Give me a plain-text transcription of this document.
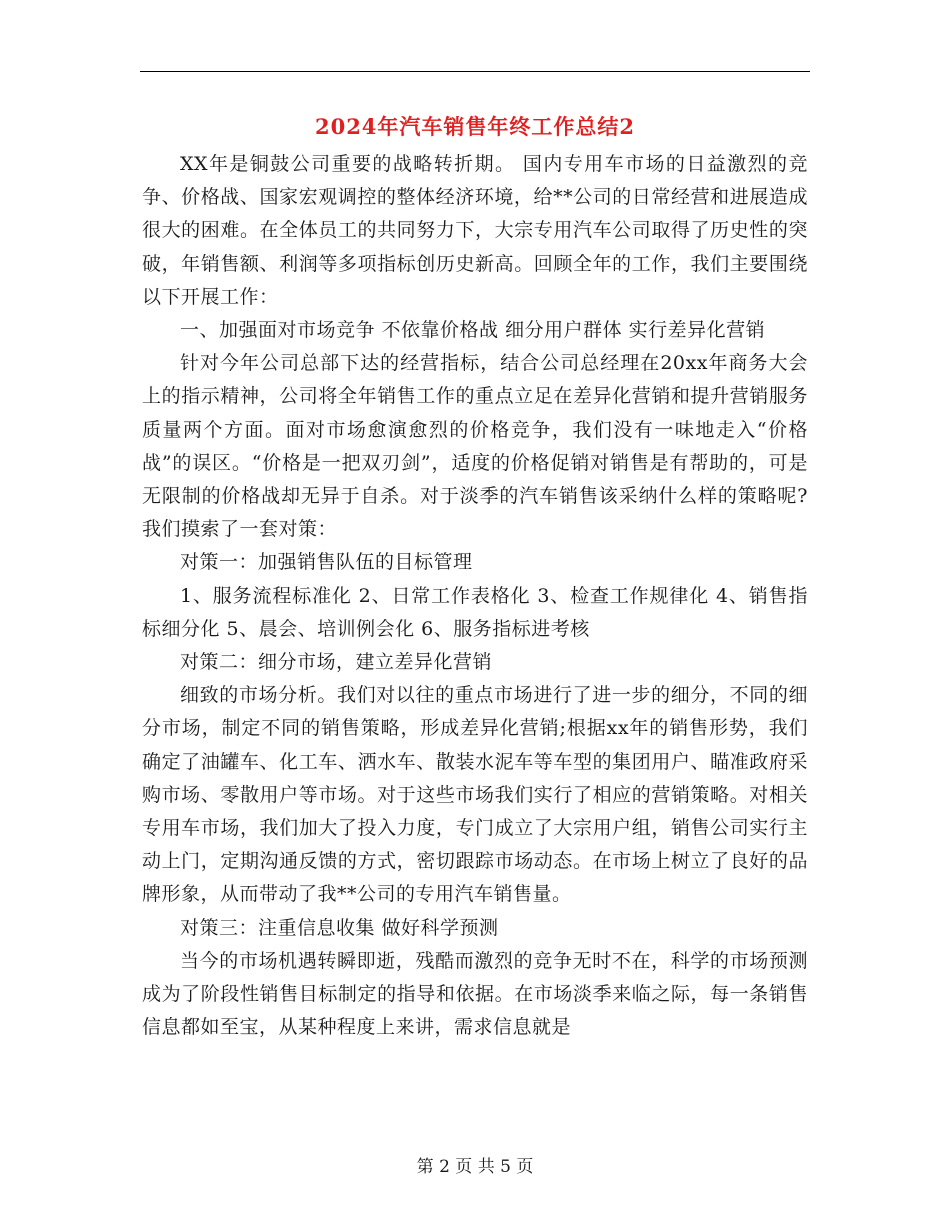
2024年汽车销售年终工作总结2

XX年是铜鼓公司重要的战略转折期。 国内专用车市场的日益激烈的竞争、价格战、国家宏观调控的整体经济环境，给**公司的日常经营和进展造成很大的困难。在全体员工的共同努力下，大宗专用汽车公司取得了历史性的突破，年销售额、利润等多项指标创历史新高。回顾全年的工作，我们主要围绕以下开展工作：

一、加强面对市场竞争 不依靠价格战 细分用户群体 实行差异化营销

针对今年公司总部下达的经营指标，结合公司总经理在20xx年商务大会上的指示精神，公司将全年销售工作的重点立足在差异化营销和提升营销服务质量两个方面。面对市场愈演愈烈的价格竞争，我们没有一味地走入“价格战”的误区。“价格是一把双刃剑”，适度的价格促销对销售是有帮助的，可是无限制的价格战却无异于自杀。对于淡季的汽车销售该采纳什么样的策略呢?我们摸索了一套对策：

对策一：加强销售队伍的目标管理

1、服务流程标准化 2、日常工作表格化 3、检查工作规律化 4、销售指标细分化 5、晨会、培训例会化 6、服务指标进考核

对策二：细分市场，建立差异化营销

细致的市场分析。我们对以往的重点市场进行了进一步的细分，不同的细分市场，制定不同的销售策略，形成差异化营销;根据xx年的销售形势，我们确定了油罐车、化工车、洒水车、散装水泥车等车型的集团用户、瞄准政府采购市场、零散用户等市场。对于这些市场我们实行了相应的营销策略。对相关专用车市场，我们加大了投入力度，专门成立了大宗用户组，销售公司实行主动上门，定期沟通反馈的方式，密切跟踪市场动态。在市场上树立了良好的品牌形象，从而带动了我**公司的专用汽车销售量。

对策三：注重信息收集 做好科学预测

当今的市场机遇转瞬即逝，残酷而激烈的竞争无时不在，科学的市场预测成为了阶段性销售目标制定的指导和依据。在市场淡季来临之际，每一条销售信息都如至宝，从某种程度上来讲，需求信息就是

第 2 页 共 5 页
